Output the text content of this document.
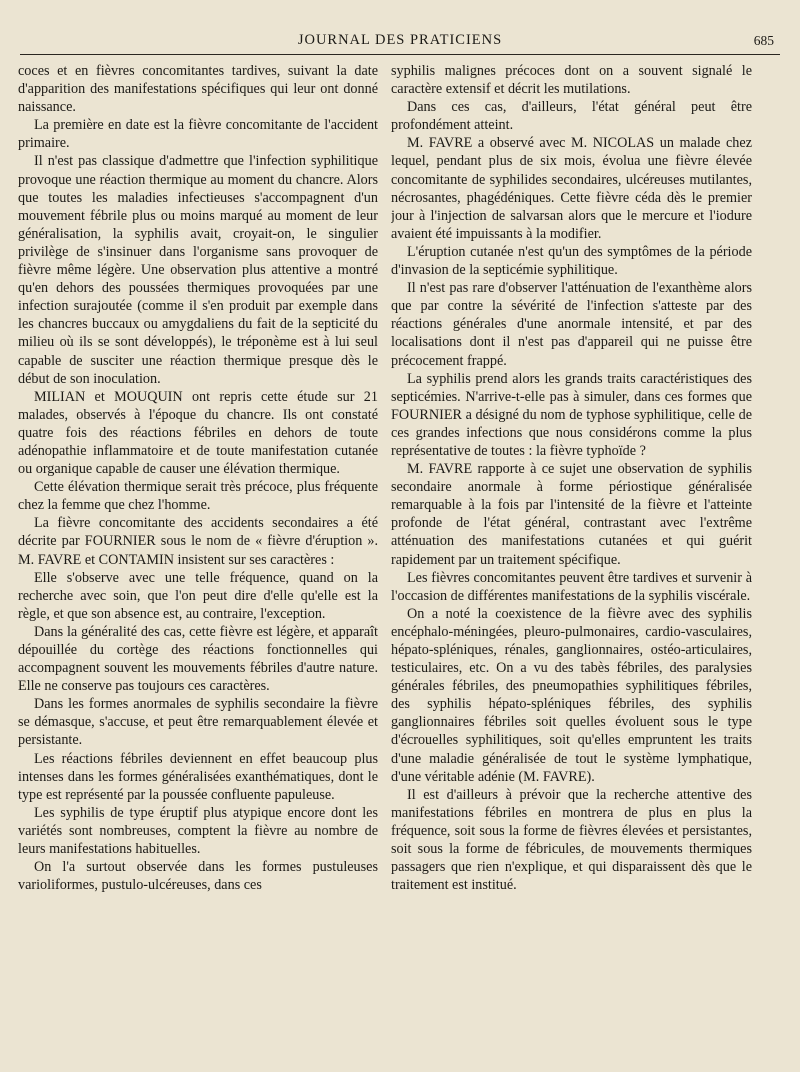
JOURNAL DES PRATICIENS	685

coces et en fièvres concomitantes tardives, suivant la date d'apparition des manifestations spécifiques qui leur ont donné naissance.

La première en date est la fièvre concomitante de l'accident primaire.

Il n'est pas classique d'admettre que l'infection syphilitique provoque une réaction thermique au moment du chancre. Alors que toutes les maladies infectieuses s'accompagnent d'un mouvement fébrile plus ou moins marqué au moment de leur généralisation, la syphilis avait, croyait-on, le singulier privilège de s'insinuer dans l'organisme sans provoquer de fièvre même légère. Une observation plus attentive a montré qu'en dehors des poussées thermiques provoquées par une infection surajoutée (comme il s'en produit par exemple dans les chancres buccaux ou amygdaliens du fait de la septicité du milieu où ils se sont développés), le tréponème est à lui seul capable de susciter une réaction thermique presque dès le début de son inoculation.

MILIAN et MOUQUIN ont repris cette étude sur 21 malades, observés à l'époque du chancre. Ils ont constaté quatre fois des réactions fébriles en dehors de toute adénopathie inflammatoire et de toute manifestation cutanée ou organique capable de causer une élévation thermique.

Cette élévation thermique serait très précoce, plus fréquente chez la femme que chez l'homme.

La fièvre concomitante des accidents secondaires a été décrite par FOURNIER sous le nom de « fièvre d'éruption ». M. FAVRE et CONTAMIN insistent sur ses caractères :

Elle s'observe avec une telle fréquence, quand on la recherche avec soin, que l'on peut dire d'elle qu'elle est la règle, et que son absence est, au contraire, l'exception.

Dans la généralité des cas, cette fièvre est légère, et apparaît dépouillée du cortège des réactions fonctionnelles qui accompagnent souvent les mouvements fébriles d'autre nature. Elle ne conserve pas toujours ces caractères.

Dans les formes anormales de syphilis secondaire la fièvre se démasque, s'accuse, et peut être remarquablement élevée et persistante.

Les réactions fébriles deviennent en effet beaucoup plus intenses dans les formes généralisées exanthématiques, dont le type est représenté par la poussée confluente papuleuse.

Les syphilis de type éruptif plus atypique encore dont les variétés sont nombreuses, comptent la fièvre au nombre de leurs manifestations habituelles.

On l'a surtout observée dans les formes pustuleuses varioliformes, pustulo-ulcéreuses, dans ces

syphilis malignes précoces dont on a souvent signalé le caractère extensif et décrit les mutilations.

Dans ces cas, d'ailleurs, l'état général peut être profondément atteint.

M. FAVRE a observé avec M. NICOLAS un malade chez lequel, pendant plus de six mois, évolua une fièvre élevée concomitante de syphilides secondaires, ulcéreuses mutilantes, nécrosantes, phagédéniques. Cette fièvre céda dès le premier jour à l'injection de salvarsan alors que le mercure et l'iodure avaient été impuissants à la modifier.

L'éruption cutanée n'est qu'un des symptômes de la période d'invasion de la septicémie syphilitique.

Il n'est pas rare d'observer l'atténuation de l'exanthème alors que par contre la sévérité de l'infection s'atteste par des réactions générales d'une anormale intensité, et par des localisations dont il n'est pas d'appareil qui ne puisse être précocement frappé.

La syphilis prend alors les grands traits caractéristiques des septicémies. N'arrive-t-elle pas à simuler, dans ces formes que FOURNIER a désigné du nom de typhose syphilitique, celle de ces grandes infections que nous considérons comme la plus représentative de toutes : la fièvre typhoïde ?

M. FAVRE rapporte à ce sujet une observation de syphilis secondaire anormale à forme périostique généralisée remarquable à la fois par l'intensité de la fièvre et l'atteinte profonde de l'état général, contrastant avec l'extrême atténuation des manifestations cutanées et qui guérit rapidement par un traitement spécifique.

Les fièvres concomitantes peuvent être tardives et survenir à l'occasion de différentes manifestations de la syphilis viscérale.

On a noté la coexistence de la fièvre avec des syphilis encéphalo-méningées, pleuro-pulmonaires, cardio-vasculaires, hépato-spléniques, rénales, ganglionnaires, ostéo-articulaires, testiculaires, etc. On a vu des tabès fébriles, des paralysies générales fébriles, des pneumopathies syphilitiques fébriles, des syphilis hépato-spléniques fébriles, des syphilis ganglionnaires fébriles soit quelles évoluent sous le type d'écrouelles syphilitiques, soit qu'elles empruntent les traits d'une maladie généralisée de tout le système lymphatique, d'une véritable adénie (M. FAVRE).

Il est d'ailleurs à prévoir que la recherche attentive des manifestations fébriles en montrera de plus en plus la fréquence, soit sous la forme de fièvres élevées et persistantes, soit sous la forme de fébricules, de mouvements thermiques passagers que rien n'explique, et qui disparaissent dès que le traitement est institué.
